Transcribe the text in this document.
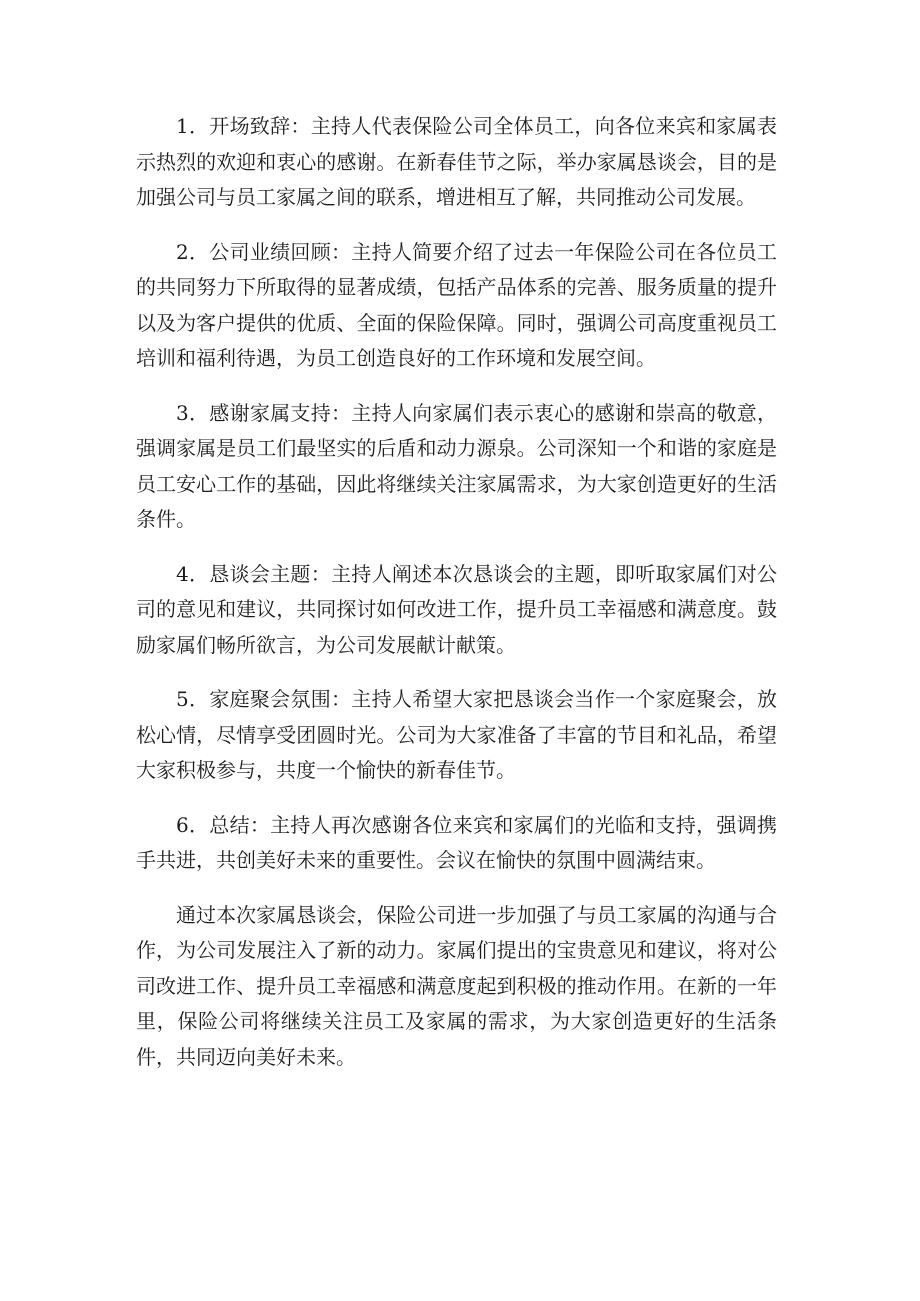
1．开场致辞：主持人代表保险公司全体员工，向各位来宾和家属表示热烈的欢迎和衷心的感谢。在新春佳节之际，举办家属恳谈会，目的是加强公司与员工家属之间的联系，增进相互了解，共同推动公司发展。

2．公司业绩回顾：主持人简要介绍了过去一年保险公司在各位员工的共同努力下所取得的显著成绩，包括产品体系的完善、服务质量的提升以及为客户提供的优质、全面的保险保障。同时，强调公司高度重视员工培训和福利待遇，为员工创造良好的工作环境和发展空间。

3．感谢家属支持：主持人向家属们表示衷心的感谢和崇高的敬意，强调家属是员工们最坚实的后盾和动力源泉。公司深知一个和谐的家庭是员工安心工作的基础，因此将继续关注家属需求，为大家创造更好的生活条件。

4．恳谈会主题：主持人阐述本次恳谈会的主题，即听取家属们对公司的意见和建议，共同探讨如何改进工作，提升员工幸福感和满意度。鼓励家属们畅所欲言，为公司发展献计献策。

5．家庭聚会氛围：主持人希望大家把恳谈会当作一个家庭聚会，放松心情，尽情享受团圆时光。公司为大家准备了丰富的节目和礼品，希望大家积极参与，共度一个愉快的新春佳节。

6．总结：主持人再次感谢各位来宾和家属们的光临和支持，强调携手共进，共创美好未来的重要性。会议在愉快的氛围中圆满结束。

通过本次家属恳谈会，保险公司进一步加强了与员工家属的沟通与合作，为公司发展注入了新的动力。家属们提出的宝贵意见和建议，将对公司改进工作、提升员工幸福感和满意度起到积极的推动作用。在新的一年里，保险公司将继续关注员工及家属的需求，为大家创造更好的生活条件，共同迈向美好未来。
